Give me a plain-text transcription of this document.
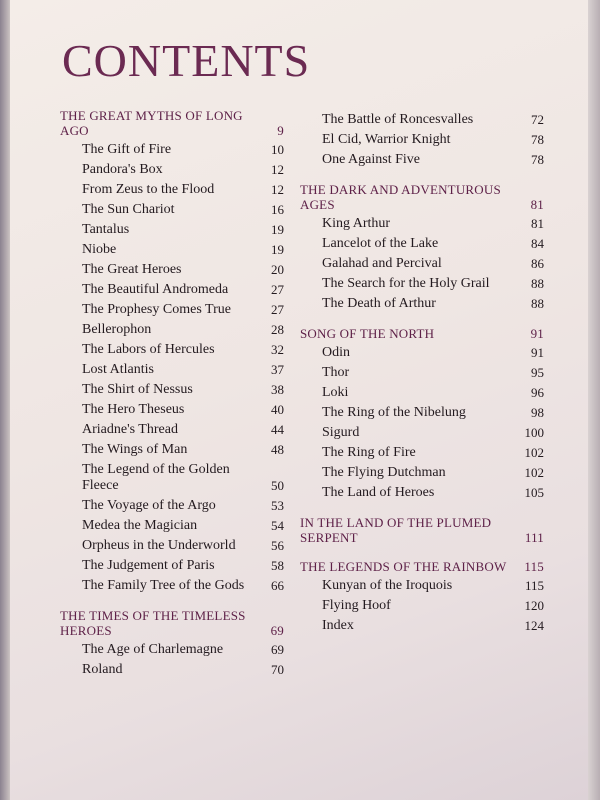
CONTENTS
THE GREAT MYTHS OF LONG AGO	9
The Gift of Fire	10
Pandora's Box	12
From Zeus to the Flood	12
The Sun Chariot	16
Tantalus	19
Niobe	19
The Great Heroes	20
The Beautiful Andromeda	27
The Prophesy Comes True	27
Bellerophon	28
The Labors of Hercules	32
Lost Atlantis	37
The Shirt of Nessus	38
The Hero Theseus	40
Ariadne's Thread	44
The Wings of Man	48
The Legend of the Golden Fleece	50
The Voyage of the Argo	53
Medea the Magician	54
Orpheus in the Underworld	56
The Judgement of Paris	58
The Family Tree of the Gods	66
THE TIMES OF THE TIMELESS HEROES	69
The Age of Charlemagne	69
Roland	70
The Battle of Roncesvalles	72
El Cid, Warrior Knight	78
One Against Five	78
THE DARK AND ADVENTUROUS AGES	81
King Arthur	81
Lancelot of the Lake	84
Galahad and Percival	86
The Search for the Holy Grail	88
The Death of Arthur	88
SONG OF THE NORTH	91
Odin	91
Thor	95
Loki	96
The Ring of the Nibelung	98
Sigurd	100
The Ring of Fire	102
The Flying Dutchman	102
The Land of Heroes	105
IN THE LAND OF THE PLUMED SERPENT	111
THE LEGENDS OF THE RAINBOW	115
Kunyan of the Iroquois	115
Flying Hoof	120
Index	124
